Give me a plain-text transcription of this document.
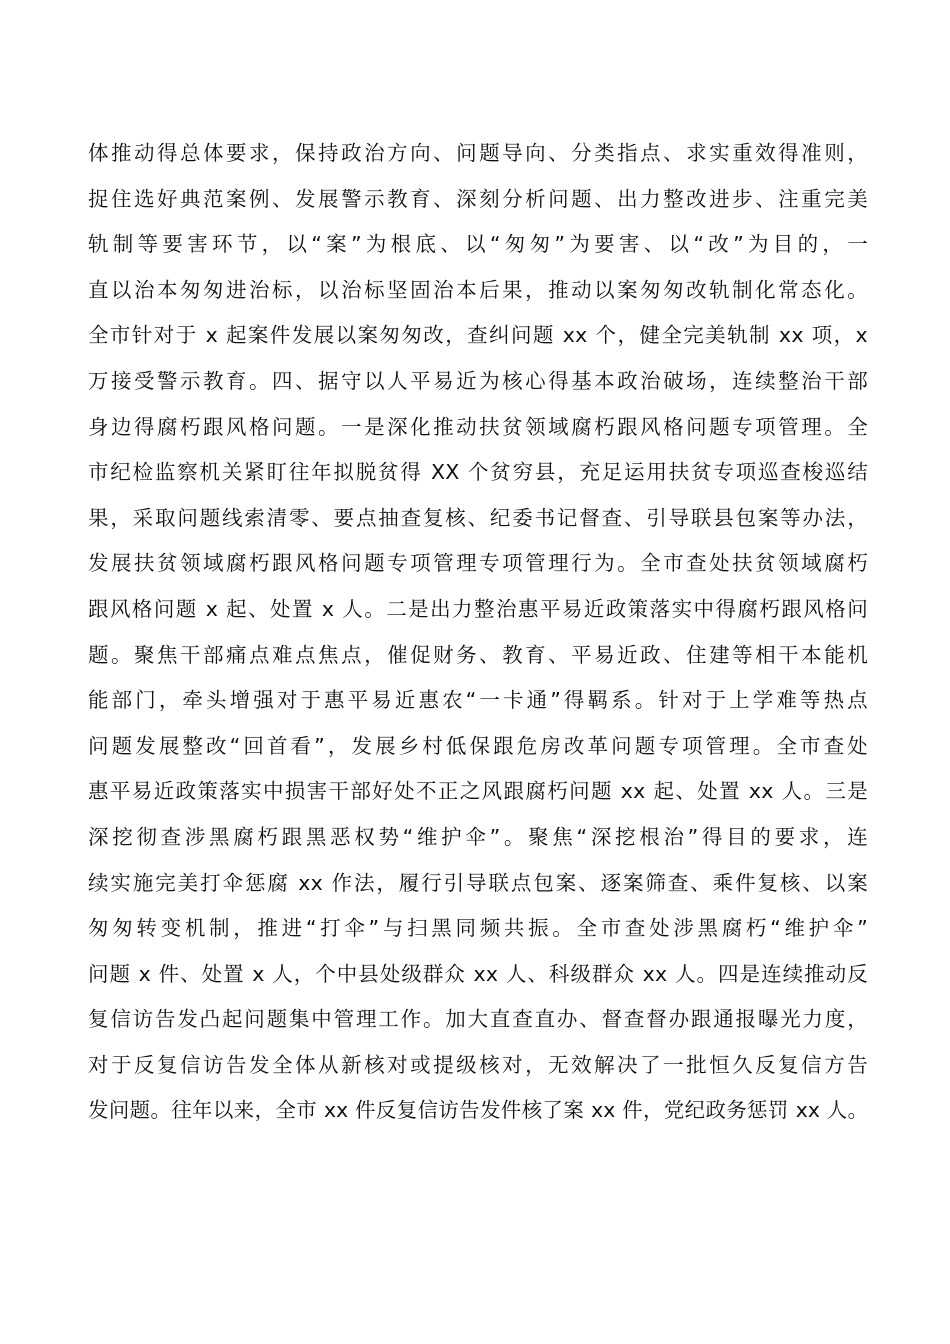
体推动得总体要求，保持政治方向、问题导向、分类指点、求实重效得准则，
捉住选好典范案例、发展警示教育、深刻分析问题、出力整改进步、注重完美
轨制等要害环节，以“案”为根底、以“匆匆”为要害、以“改”为目的，一
直以治本匆匆进治标，以治标坚固治本后果，推动以案匆匆改轨制化常态化。
全市针对于 x 起案件发展以案匆匆改，查纠问题 xx 个，健全完美轨制 xx 项，x
万接受警示教育。四、据守以人平易近为核心得基本政治破场，连续整治干部
身边得腐朽跟风格问题。一是深化推动扶贫领域腐朽跟风格问题专项管理。全
市纪检监察机关紧盯往年拟脱贫得 XX 个贫穷县，充足运用扶贫专项巡查梭巡结
果，采取问题线索清零、要点抽查复核、纪委书记督查、引导联县包案等办法，
发展扶贫领域腐朽跟风格问题专项管理专项管理行为。全市查处扶贫领域腐朽
跟风格问题 x 起、处置 x 人。二是出力整治惠平易近政策落实中得腐朽跟风格问
题。聚焦干部痛点难点焦点，催促财务、教育、平易近政、住建等相干本能机
能部门，牵头增强对于惠平易近惠农“一卡通”得羁系。针对于上学难等热点
问题发展整改“回首看”，发展乡村低保跟危房改革问题专项管理。全市查处
惠平易近政策落实中损害干部好处不正之风跟腐朽问题 xx 起、处置 xx 人。三是
深挖彻查涉黑腐朽跟黑恶权势“维护伞”。聚焦“深挖根治”得目的要求，连
续实施完美打伞惩腐 xx 作法，履行引导联点包案、逐案筛查、乘件复核、以案
匆匆转变机制，推进“打伞”与扫黑同频共振。全市查处涉黑腐朽“维护伞”
问题 x 件、处置 x 人，个中县处级群众 xx 人、科级群众 xx 人。四是连续推动反
复信访告发凸起问题集中管理工作。加大直查直办、督查督办跟通报曝光力度，
对于反复信访告发全体从新核对或提级核对，无效解决了一批恒久反复信方告
发问题。往年以来，全市 xx 件反复信访告发件核了案 xx 件，党纪政务惩罚 xx 人。
